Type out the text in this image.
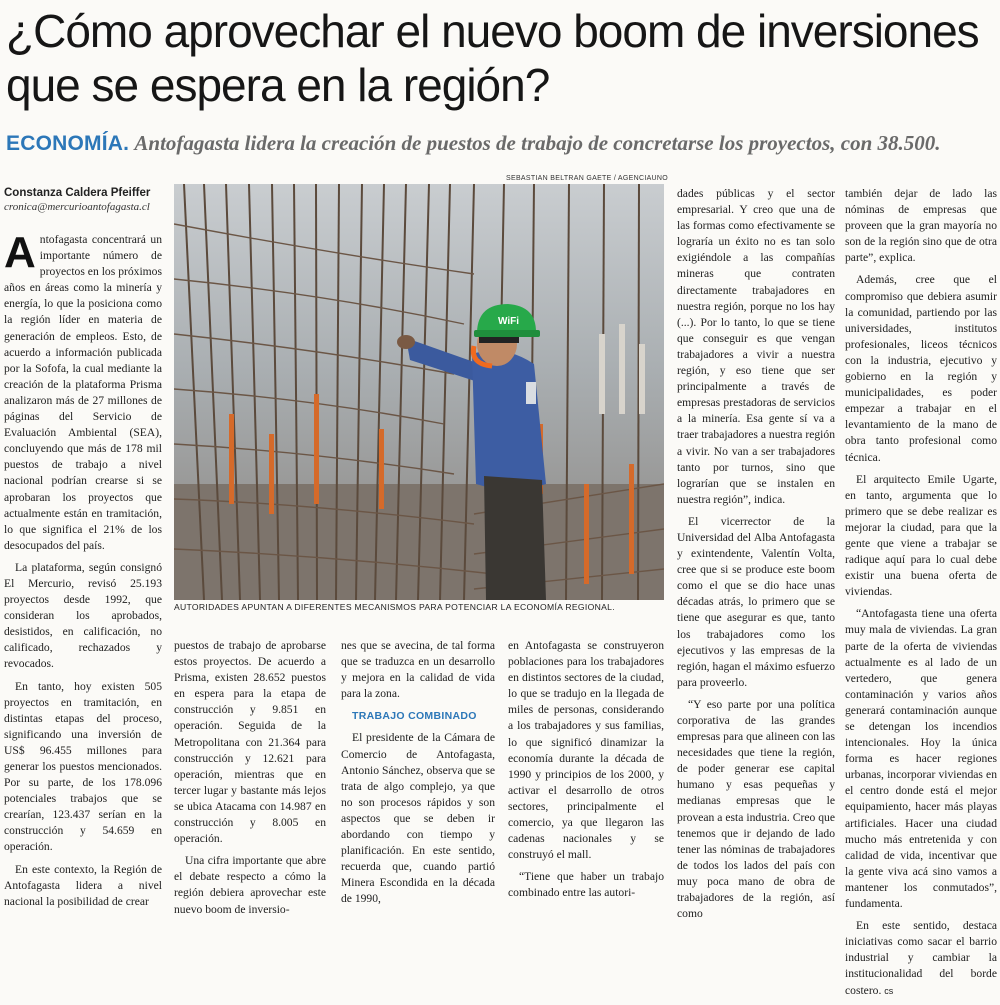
¿Cómo aprovechar el nuevo boom de inversiones que se espera en la región?
ECONOMÍA. Antofagasta lidera la creación de puestos de trabajo de concretarse los proyectos, con 38.500.
Constanza Caldera Pfeiffer
cronica@mercurioantofagasta.cl
SEBASTIAN BELTRAN GAETE / AGENCIAUNO
WiFi
AUTORIDADES APUNTAN A DIFERENTES MECANISMOS PARA POTENCIAR LA ECONOMÍA REGIONAL.

Antofagasta concentrará un importante número de proyectos en los próximos años en áreas como la minería y energía, lo que la posiciona como la región líder en materia de generación de empleos. Esto, de acuerdo a información publicada por la Sofofa, la cual mediante la creación de la plataforma Prisma analizaron más de 27 millones de páginas del Servicio de Evaluación Ambiental (SEA), concluyendo que más de 178 mil puestos de trabajo a nivel nacional podrían crearse si se aprobaran los proyectos que actualmente están en tramitación, lo que significa el 21% de los desocupados del país.

La plataforma, según consignó El Mercurio, revisó 25.193 proyectos desde 1992, que consideran los aprobados, desistidos, en calificación, no calificado, rechazados y revocados.

En tanto, hoy existen 505 proyectos en tramitación, en distintas etapas del proceso, significando una inversión de US$ 96.455 millones para generar los puestos mencionados. Por su parte, de los 178.096 potenciales trabajos que se crearían, 123.437 serían en la construcción y 54.659 en operación.

En este contexto, la Región de Antofagasta lidera a nivel nacional la posibilidad de crear

puestos de trabajo de aprobarse estos proyectos. De acuerdo a Prisma, existen 28.652 puestos en espera para la etapa de construcción y 9.851 en operación. Seguida de la Metropolitana con 21.364 para construcción y 12.621 para operación, mientras que en tercer lugar y bastante más lejos se ubica Atacama con 14.987 en construcción y 8.005 en operación.

Una cifra importante que abre el debate respecto a cómo la región debiera aprovechar este nuevo boom de inversio-

nes que se avecina, de tal forma que se traduzca en un desarrollo y mejora en la calidad de vida para la zona.

TRABAJO COMBINADO

El presidente de la Cámara de Comercio de Antofagasta, Antonio Sánchez, observa que se trata de algo complejo, ya que no son procesos rápidos y son aspectos que se deben ir abordando con tiempo y planificación. En este sentido, recuerda que, cuando partió Minera Escondida en la década de 1990,

en Antofagasta se construyeron poblaciones para los trabajadores en distintos sectores de la ciudad, lo que se tradujo en la llegada de miles de personas, considerando a los trabajadores y sus familias, lo que significó dinamizar la economía durante la década de 1990 y principios de los 2000, y activar el desarrollo de otros sectores, principalmente el comercio, ya que llegaron las cadenas nacionales y se construyó el mall.

“Tiene que haber un trabajo combinado entre las autori-

dades públicas y el sector empresarial. Y creo que una de las formas como efectivamente se lograría un éxito no es tan solo exigiéndole a las compañías mineras que contraten directamente trabajadores en nuestra región, porque no los hay (...). Por lo tanto, lo que se tiene que conseguir es que vengan trabajadores a vivir a nuestra región, y eso tiene que ser principalmente a través de empresas prestadoras de servicios a la minería. Esa gente sí va a traer trabajadores a nuestra región a vivir. No van a ser trabajadores tanto por turnos, sino que lograrían que se instalen en nuestra región”, indica.

El vicerrector de la Universidad del Alba Antofagasta y exintendente, Valentín Volta, cree que si se produce este boom como el que se dio hace unas décadas atrás, lo primero que se tiene que asegurar es que, tanto los trabajadores como los ejecutivos y las empresas de la región, hagan el máximo esfuerzo para proveerlo.

“Y eso parte por una política corporativa de las grandes empresas para que alineen con las necesidades que tiene la región, de poder generar ese capital humano y esas pequeñas y medianas empresas que le provean a esta industria. Creo que tenemos que ir dejando de lado tener las nóminas de trabajadores de todos los lados del país con muy poca mano de obra de trabajadores de la región, así como

también dejar de lado las nóminas de empresas que proveen que la gran mayoría no son de la región sino que de otra parte”, explica.

Además, cree que el compromiso que debiera asumir la comunidad, partiendo por las universidades, institutos profesionales, liceos técnicos con la industria, ejecutivo y gobierno en la región y municipalidades, es poder empezar a trabajar en el levantamiento de la mano de obra tanto profesional como técnica.

El arquitecto Emile Ugarte, en tanto, argumenta que lo primero que se debe realizar es mejorar la ciudad, para que la gente que viene a trabajar se radique aquí para lo cual debe existir una buena oferta de viviendas.

“Antofagasta tiene una oferta muy mala de viviendas. La gran parte de la oferta de viviendas actualmente es al lado de un vertedero, que genera contaminación y varios años generará contaminación aunque se detengan los incendios intencionales. Hoy la única forma es hacer regiones urbanas, incorporar viviendas en el centro donde está el mejor equipamiento, hacer más playas artificiales. Hacer una ciudad mucho más entretenida y con calidad de vida, incentivar que la gente viva acá sino vamos a mantener los conmutados”, fundamenta.

En este sentido, destaca iniciativas como sacar el barrio industrial y cambiar la institucionalidad del borde costero. cs
